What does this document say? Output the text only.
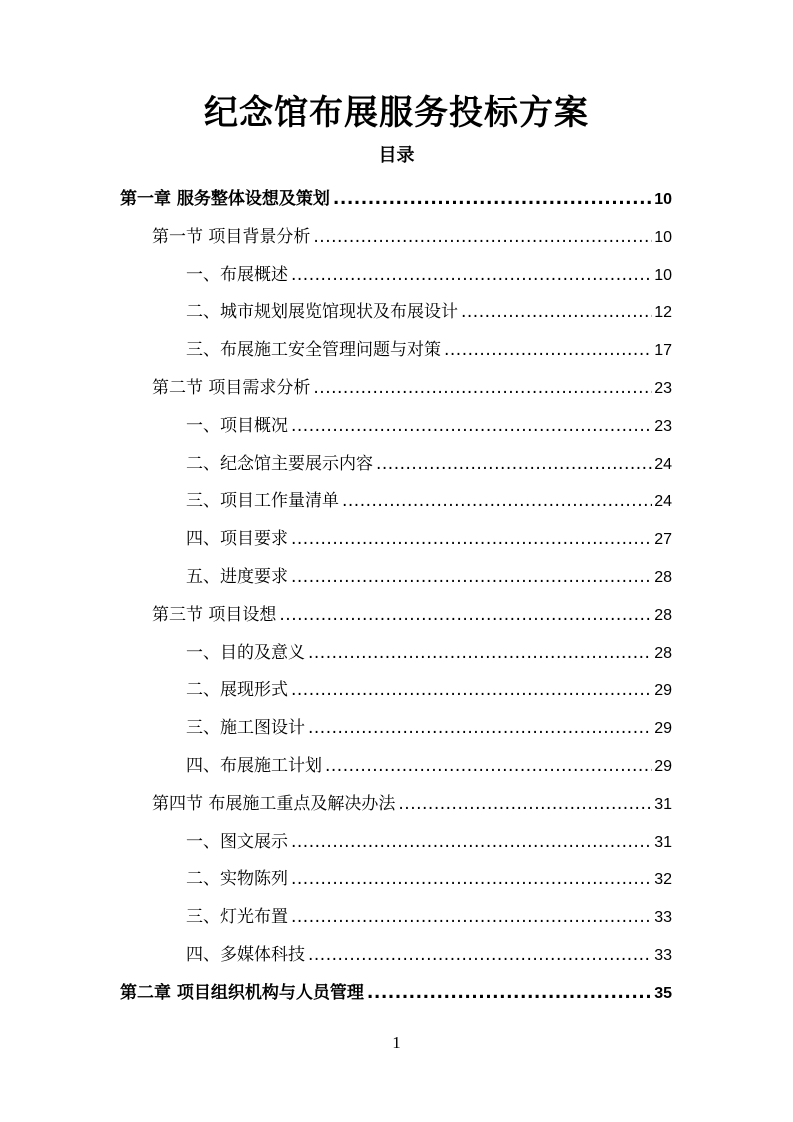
纪念馆布展服务投标方案
目录
第一章 服务整体设想及策划 .....	10
第一节 项目背景分析 .....	10
一、布展概述 .....	10
二、城市规划展览馆现状及布展设计 .....	12
三、布展施工安全管理问题与对策 .....	17
第二节 项目需求分析 .....	23
一、项目概况 .....	23
二、纪念馆主要展示内容 .....	24
三、项目工作量清单 .....	24
四、项目要求 .....	27
五、进度要求 .....	28
第三节 项目设想 .....	28
一、目的及意义 .....	28
二、展现形式 .....	29
三、施工图设计 .....	29
四、布展施工计划 .....	29
第四节 布展施工重点及解决办法 .....	31
一、图文展示 .....	31
二、实物陈列 .....	32
三、灯光布置 .....	33
四、多媒体科技 .....	33
第二章 项目组织机构与人员管理 .....	35
1
